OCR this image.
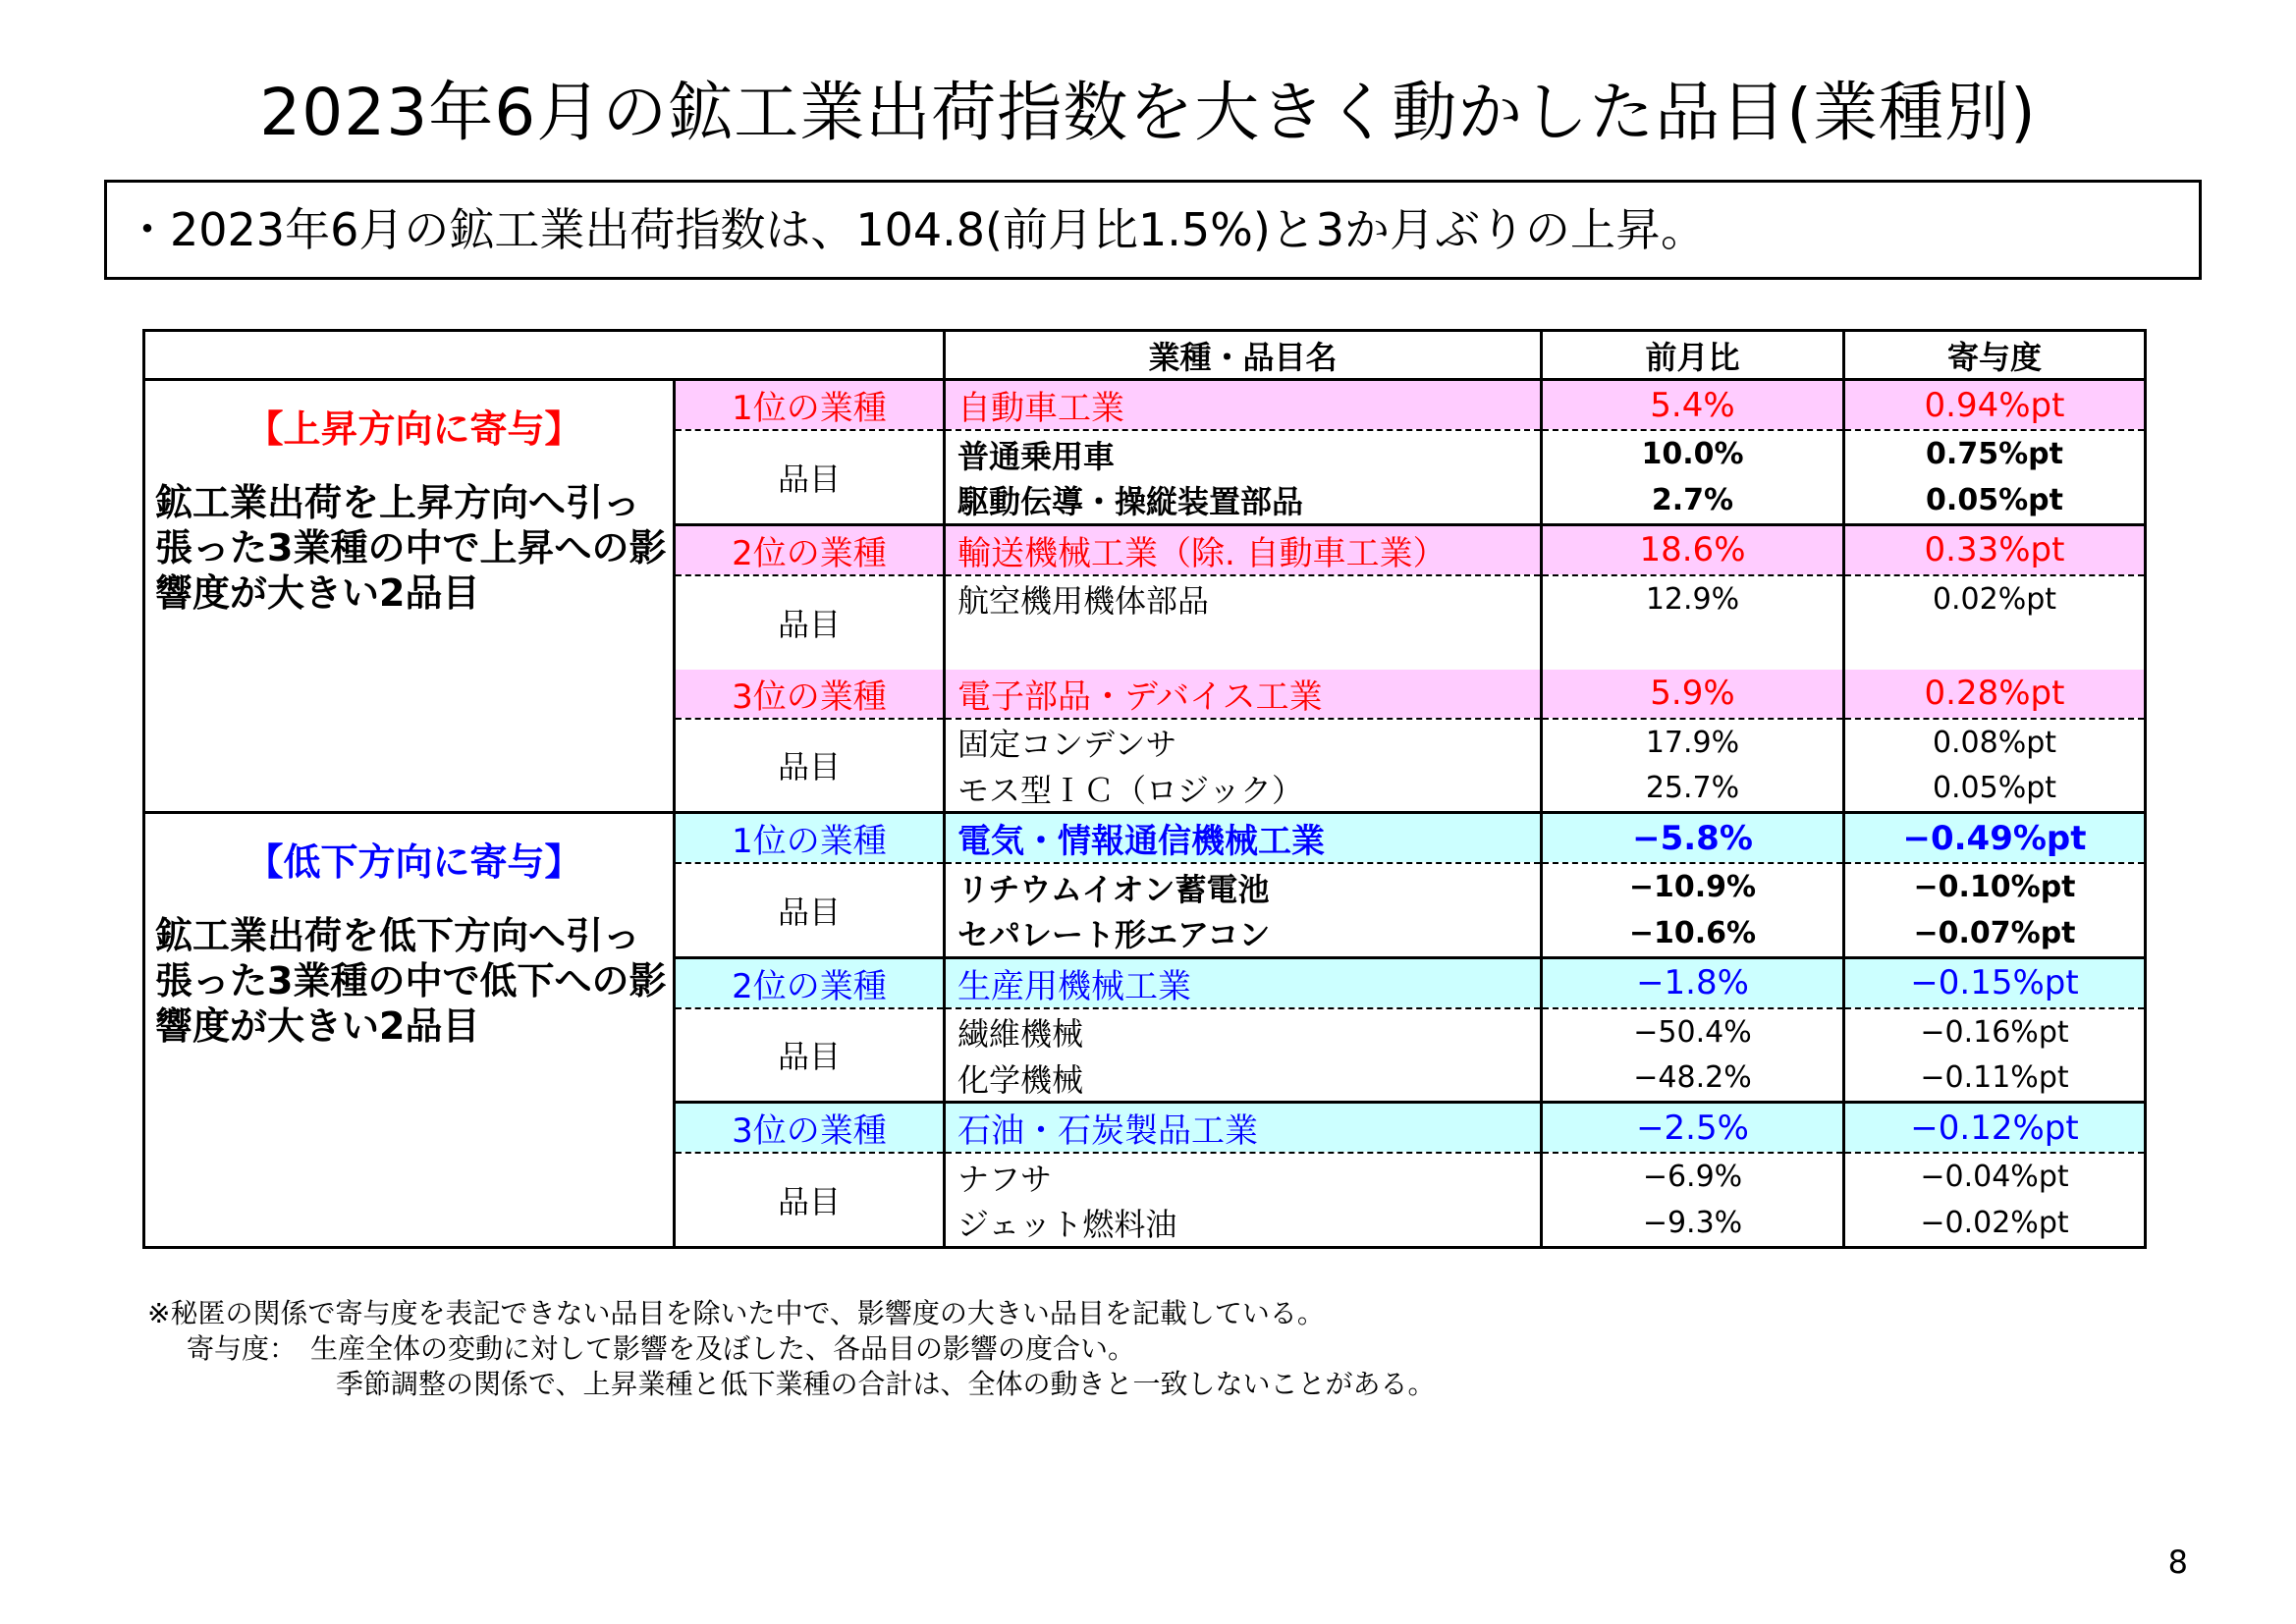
2023年6月の鉱工業出荷指数を大きく動かした品目(業種別)
・2023年6月の鉱工業出荷指数は、104.8(前月比1.5%)と3か月ぶりの上昇。
		業種・品目名	前月比	寄与度

【上昇方向に寄与】
鉱工業出荷を上昇方向へ引っ張った3業種の中で上昇への影響度が大きい2品目	1位の業種	自動車工業	5.4%	0.94%pt
	品目	普通乗用車	10.0%	0.75%pt
		駆動伝導・操縦装置部品	2.7%	0.05%pt
	2位の業種	輸送機械工業（除. 自動車工業）	18.6%	0.33%pt
	品目	航空機用機体部品	12.9%	0.02%pt

	3位の業種	電子部品・デバイス工業	5.9%	0.28%pt
	品目	固定コンデンサ	17.9%	0.08%pt
		モス型ＩＣ（ロジック）	25.7%	0.05%pt

【低下方向に寄与】
鉱工業出荷を低下方向へ引っ張った3業種の中で低下への影響度が大きい2品目	1位の業種	電気・情報通信機械工業	−5.8%	−0.49%pt
	品目	リチウムイオン蓄電池	−10.9%	−0.10%pt
		セパレート形エアコン	−10.6%	−0.07%pt
	2位の業種	生産用機械工業	−1.8%	−0.15%pt
	品目	繊維機械	−50.4%	−0.16%pt
		化学機械	−48.2%	−0.11%pt
	3位の業種	石油・石炭製品工業	−2.5%	−0.12%pt
	品目	ナフサ	−6.9%	−0.04%pt
		ジェット燃料油	−9.3%	−0.02%pt
※秘匿の関係で寄与度を表記できない品目を除いた中で、影響度の大きい品目を記載している。
寄与度：　生産全体の変動に対して影響を及ぼした、各品目の影響の度合い。
季節調整の関係で、上昇業種と低下業種の合計は、全体の動きと一致しないことがある。
8
